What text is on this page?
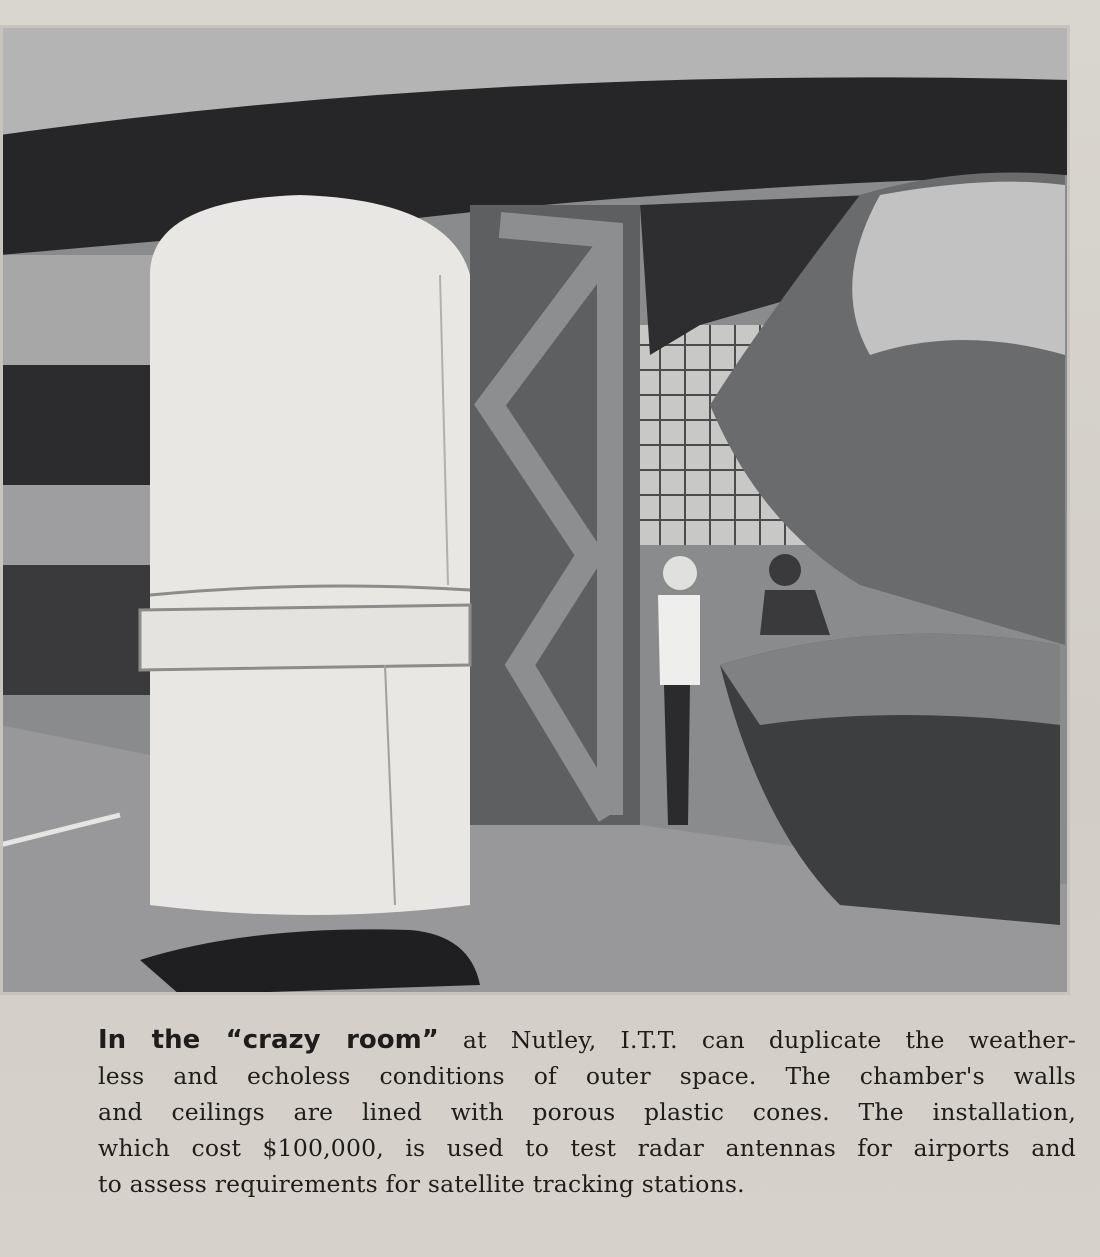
In the “crazy room” at Nutley, I.T.T. can duplicate the weather-
less and echoless conditions of outer space. The chamber's walls
and ceilings are lined with porous plastic cones. The installation,
which cost $100,000, is used to test radar antennas for airports and
to assess requirements for satellite tracking stations.
